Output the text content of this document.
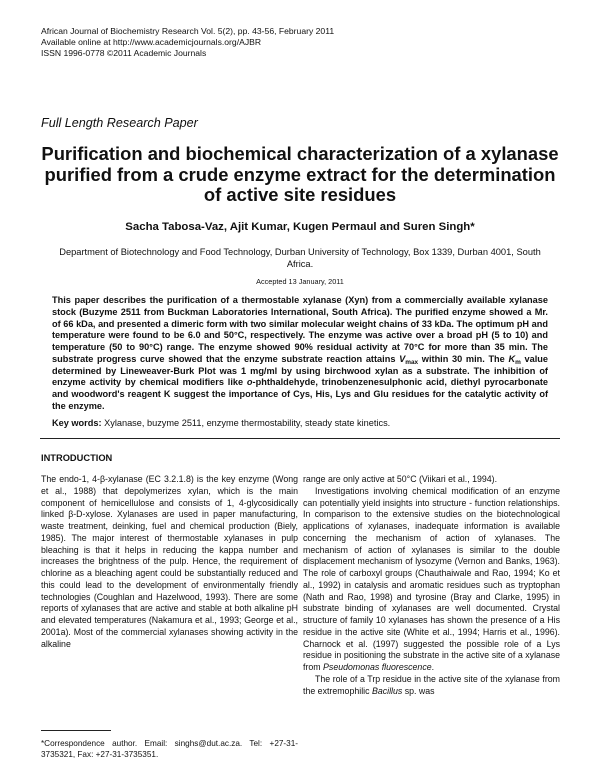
African Journal of Biochemistry Research Vol. 5(2), pp. 43-56, February 2011
Available online at http://www.academicjournals.org/AJBR
ISSN 1996-0778 ©2011 Academic Journals
Full Length Research Paper
Purification and biochemical characterization of a xylanase purified from a crude enzyme extract for the determination of active site residues
Sacha Tabosa-Vaz, Ajit Kumar, Kugen Permaul and Suren Singh*
Department of Biotechnology and Food Technology, Durban University of Technology, Box 1339, Durban 4001, South Africa.
Accepted 13 January, 2011
This paper describes the purification of a thermostable xylanase (Xyn) from a commercially available xylanase stock (Buzyme 2511 from Buckman Laboratories International, South Africa). The purified enzyme showed a Mr. of 66 kDa, and presented a dimeric form with two similar molecular weight chains of 33 kDa. The optimum pH and temperature were found to be 6.0 and 50°C, respectively. The enzyme was active over a broad pH (5 to 10) and temperature (50 to 90°C) range. The enzyme showed 90% residual activity at 70°C for more than 35 min. The substrate progress curve showed that the enzyme substrate reaction attains $V_{max}$ within 30 min. The $K_m$ value determined by Lineweaver-Burk Plot was 1 mg/ml by using birchwood xylan as a substrate. The inhibition of enzyme activity by chemical modifiers like o-phthaldehyde, trinobenzenesulphonic acid, diethyl pyrocarbonate and woodword's reagent K suggest the importance of Cys, His, Lys and Glu residues for the catalytic activity of the enzyme.
Key words: Xylanase, buzyme 2511, enzyme thermostability, steady state kinetics.
INTRODUCTION

The endo-1, 4-β-xylanase (EC 3.2.1.8) is the key enzyme (Wong et al., 1988) that depolymerizes xylan, which is the main component of hemicellulose and consists of 1, 4-glycosidically linked β-D-xylose. Xylanases are used in paper manufacturing, waste treatment, deinking, fuel and chemical production (Biely, 1985). The major interest of thermostable xylanases in pulp bleaching is that it helps in reducing the kappa number and increases the brightness of the pulp. Hence, the requirement of chlorine as a bleaching agent could be substantially reduced and this could lead to the development of environmentally friendly technologies (Coughlan and Hazelwood, 1993). There are some reports of xylanases that are active and stable at both alkaline pH and elevated temperatures (Nakamura et al., 1993; George et al., 2001a). Most of the commercial xylanases showing activity in the alkaline

range are only active at 50°C (Viikari et al., 1994).

Investigations involving chemical modification of an enzyme can potentially yield insights into structure - function relationships. In comparison to the extensive studies on the biotechnological applications of xylanases, inadequate information is available concerning the mechanism of action of xylanases. The mechanism of action of xylanases is similar to the double displacement mechanism of lysozyme (Vernon and Banks, 1963). The role of carboxyl groups (Chauthaiwale and Rao, 1994; Ko et al., 1992) in catalysis and aromatic residues such as tryptophan (Nath and Rao, 1998) and tyrosine (Bray and Clarke, 1995) in substrate binding of xylanases are well documented. Crystal structure of family 10 xylanases has shown the presence of a His residue in the active site (White et al., 1994; Harris et al., 1996). Charnock et al. (1997) suggested the possible role of a Lys residue in positioning the substrate in the active site of a xylanase from Pseudomonas fluorescence.

The role of a Trp residue in the active site of the xylanase from the extremophilic Bacillus sp. was

*Correspondence author. Email: singhs@dut.ac.za. Tel: +27-31-3735321, Fax: +27-31-3735351.
